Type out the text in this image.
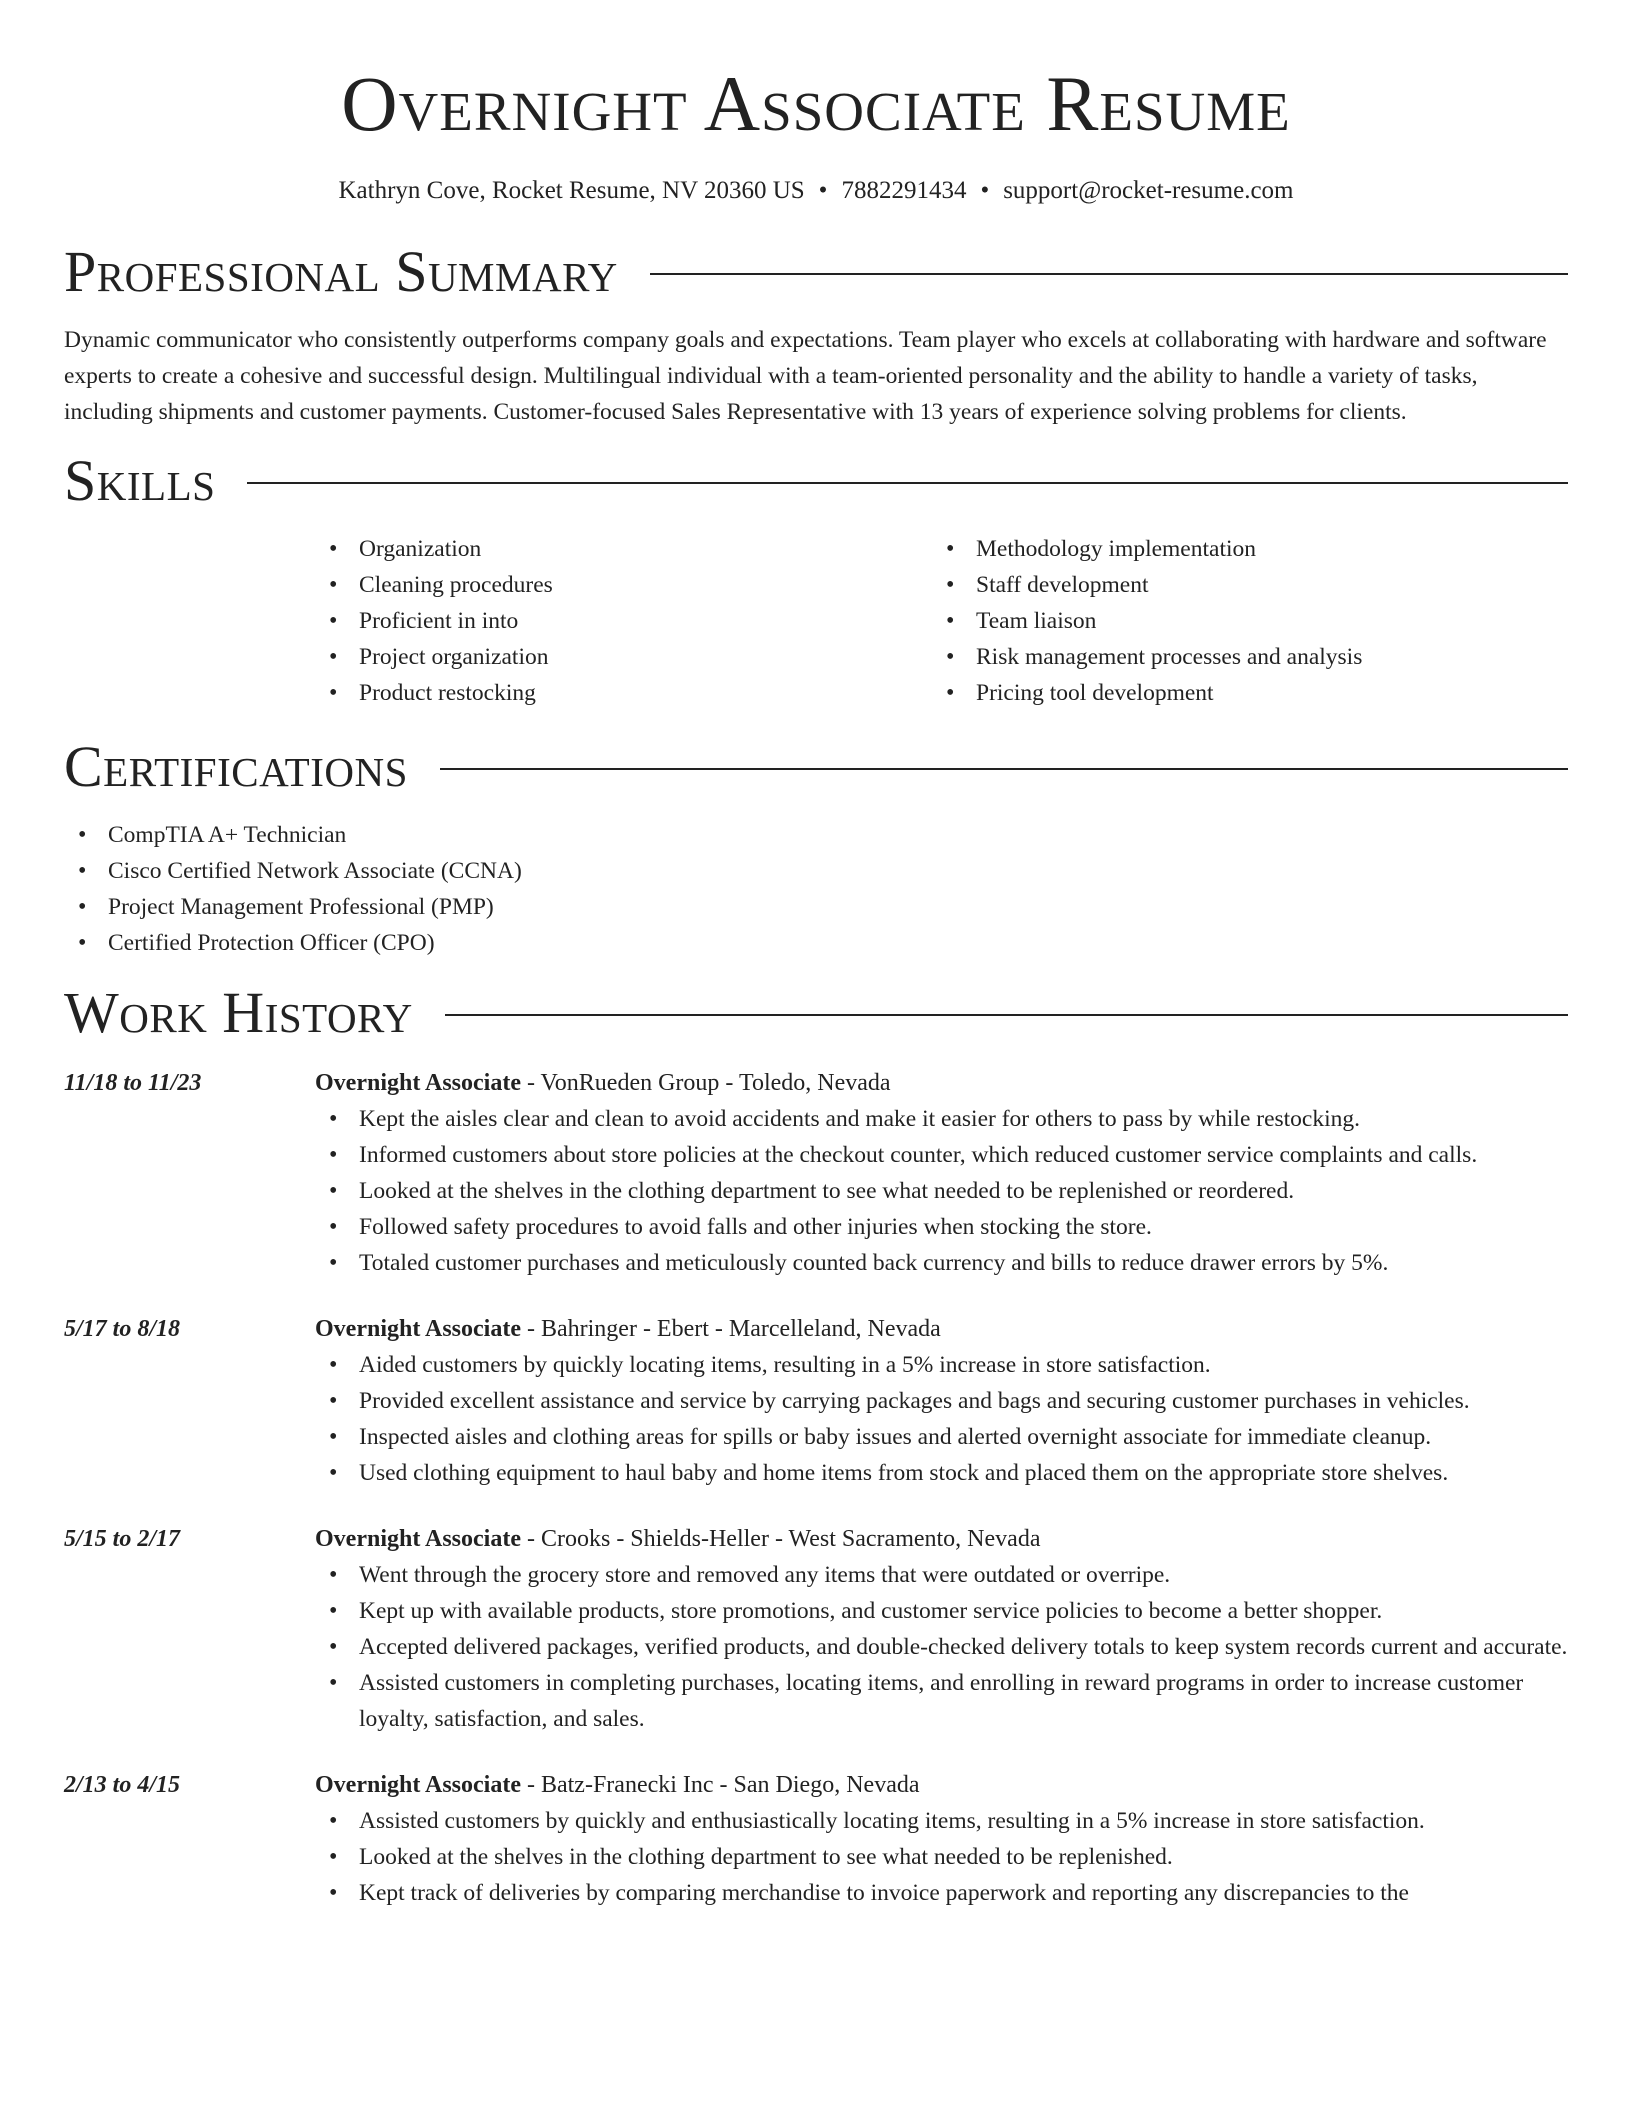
Overnight Associate Resume
Kathryn Cove, Rocket Resume, NV 20360 US • 7882291434 • support@rocket-resume.com
Professional Summary

Dynamic communicator who consistently outperforms company goals and expectations. Team player who excels at collaborating with hardware and software experts to create a cohesive and successful design. Multilingual individual with a team-oriented personality and the ability to handle a variety of tasks, including shipments and customer payments. Customer-focused Sales Representative with 13 years of experience solving problems for clients.

Skills
• Organization
• Cleaning procedures
• Proficient in into
• Project organization
• Product restocking
• Methodology implementation
• Staff development
• Team liaison
• Risk management processes and analysis
• Pricing tool development
Certifications
• CompTIA A+ Technician
• Cisco Certified Network Associate (CCNA)
• Project Management Professional (PMP)
• Certified Protection Officer (CPO)
Work History
11/18 to 11/23	Overnight Associate - VonRueden Group - Toledo, Nevada
• Kept the aisles clear and clean to avoid accidents and make it easier for others to pass by while restocking.
• Informed customers about store policies at the checkout counter, which reduced customer service complaints and calls.
• Looked at the shelves in the clothing department to see what needed to be replenished or reordered.
• Followed safety procedures to avoid falls and other injuries when stocking the store.
• Totaled customer purchases and meticulously counted back currency and bills to reduce drawer errors by 5%.
5/17 to 8/18	Overnight Associate - Bahringer - Ebert - Marcelleland, Nevada
• Aided customers by quickly locating items, resulting in a 5% increase in store satisfaction.
• Provided excellent assistance and service by carrying packages and bags and securing customer purchases in vehicles.
• Inspected aisles and clothing areas for spills or baby issues and alerted overnight associate for immediate cleanup.
• Used clothing equipment to haul baby and home items from stock and placed them on the appropriate store shelves.
5/15 to 2/17	Overnight Associate - Crooks - Shields-Heller - West Sacramento, Nevada
• Went through the grocery store and removed any items that were outdated or overripe.
• Kept up with available products, store promotions, and customer service policies to become a better shopper.
• Accepted delivered packages, verified products, and double-checked delivery totals to keep system records current and accurate.
• Assisted customers in completing purchases, locating items, and enrolling in reward programs in order to increase customer loyalty, satisfaction, and sales.
2/13 to 4/15	Overnight Associate - Batz-Franecki Inc - San Diego, Nevada
• Assisted customers by quickly and enthusiastically locating items, resulting in a 5% increase in store satisfaction.
• Looked at the shelves in the clothing department to see what needed to be replenished.
• Kept track of deliveries by comparing merchandise to invoice paperwork and reporting any discrepancies to the
